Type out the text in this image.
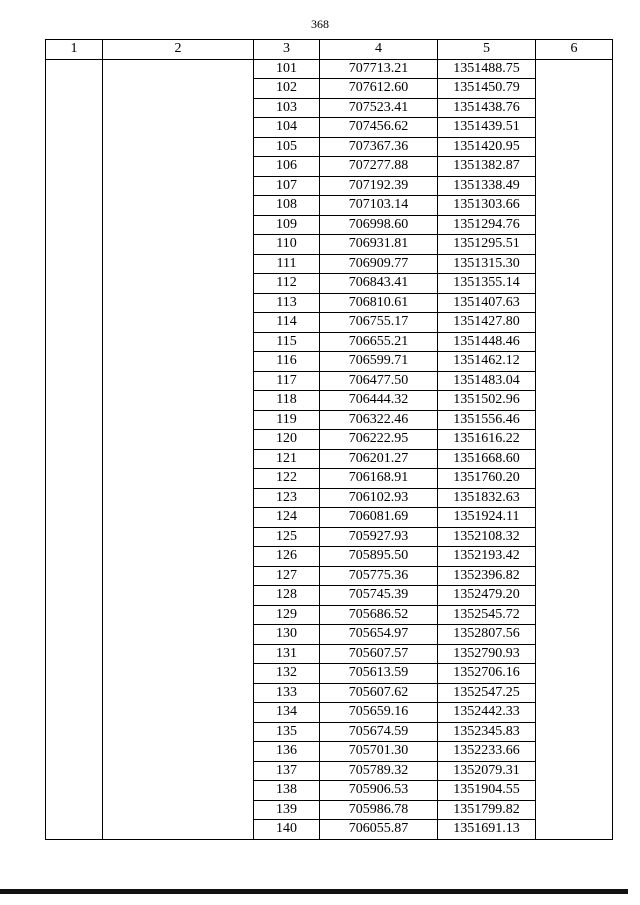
368
1	2	3	4	5	6
		101	707713.21	1351488.75	
		102	707612.60	1351450.79	
		103	707523.41	1351438.76	
		104	707456.62	1351439.51	
		105	707367.36	1351420.95	
		106	707277.88	1351382.87	
		107	707192.39	1351338.49	
		108	707103.14	1351303.66	
		109	706998.60	1351294.76	
		110	706931.81	1351295.51	
		111	706909.77	1351315.30	
		112	706843.41	1351355.14	
		113	706810.61	1351407.63	
		114	706755.17	1351427.80	
		115	706655.21	1351448.46	
		116	706599.71	1351462.12	
		117	706477.50	1351483.04	
		118	706444.32	1351502.96	
		119	706322.46	1351556.46	
		120	706222.95	1351616.22	
		121	706201.27	1351668.60	
		122	706168.91	1351760.20	
		123	706102.93	1351832.63	
		124	706081.69	1351924.11	
		125	705927.93	1352108.32	
		126	705895.50	1352193.42	
		127	705775.36	1352396.82	
		128	705745.39	1352479.20	
		129	705686.52	1352545.72	
		130	705654.97	1352807.56	
		131	705607.57	1352790.93	
		132	705613.59	1352706.16	
		133	705607.62	1352547.25	
		134	705659.16	1352442.33	
		135	705674.59	1352345.83	
		136	705701.30	1352233.66	
		137	705789.32	1352079.31	
		138	705906.53	1351904.55	
		139	705986.78	1351799.82	
		140	706055.87	1351691.13	
